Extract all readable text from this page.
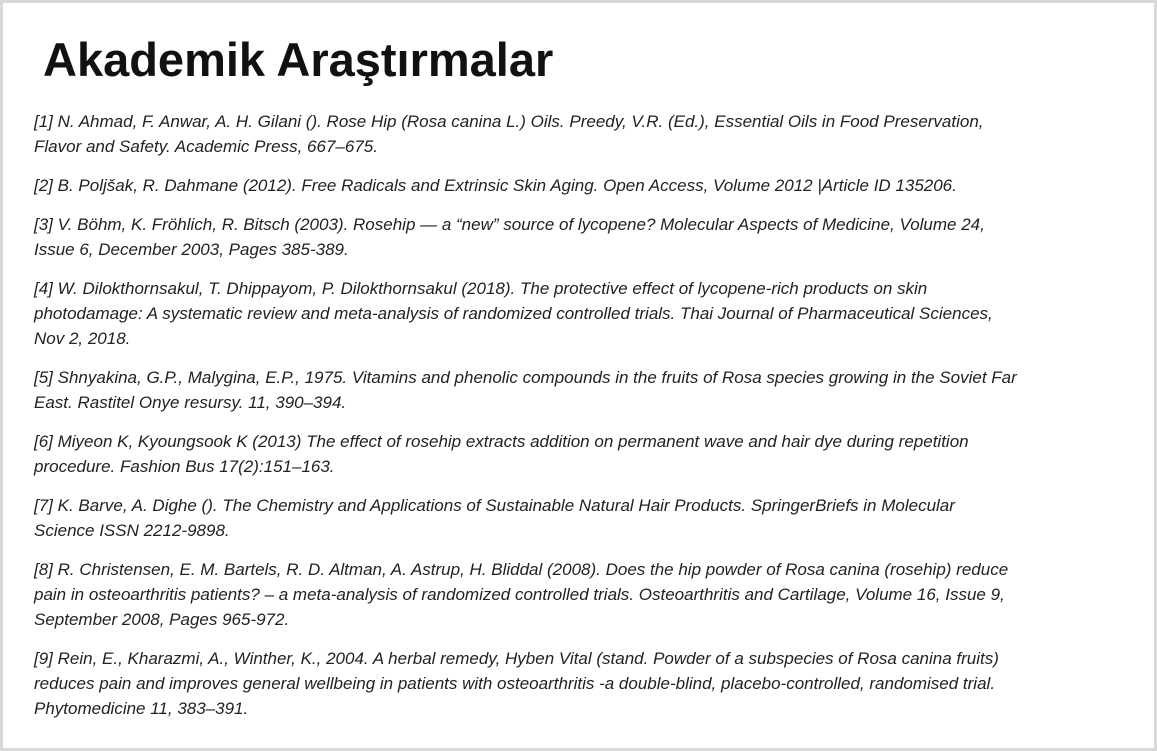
Akademik Araştırmalar
[1] N. Ahmad, F. Anwar, A. H. Gilani (). Rose Hip (Rosa canina L.) Oils. Preedy, V.R. (Ed.), Essential Oils in Food Preservation,
Flavor and Safety. Academic Press, 667–675.
[2] B. Poljšak, R. Dahmane (2012). Free Radicals and Extrinsic Skin Aging. Open Access, Volume 2012 |Article ID 135206.
[3] V. Böhm, K. Fröhlich, R. Bitsch (2003). Rosehip — a “new” source of lycopene? Molecular Aspects of Medicine, Volume 24,
Issue 6, December 2003, Pages 385-389.
[4] W. Dilokthornsakul, T. Dhippayom, P. Dilokthornsakul (2018). The protective effect of lycopene-rich products on skin
photodamage: A systematic review and meta-analysis of randomized controlled trials. Thai Journal of Pharmaceutical Sciences,
Nov 2, 2018.
[5] Shnyakina, G.P., Malygina, E.P., 1975. Vitamins and phenolic compounds in the fruits of Rosa species growing in the Soviet Far
East. Rastitel Onye resursy. 11, 390–394.
[6] Miyeon K, Kyoungsook K (2013) The effect of rosehip extracts addition on permanent wave and hair dye during repetition
procedure. Fashion Bus 17(2):151–163.
[7] K. Barve, A. Dighe (). The Chemistry and Applications of Sustainable Natural Hair Products. SpringerBriefs in Molecular
Science ISSN 2212-9898.
[8] R. Christensen, E. M. Bartels, R. D. Altman, A. Astrup, H. Bliddal (2008). Does the hip powder of Rosa canina (rosehip) reduce
pain in osteoarthritis patients? – a meta-analysis of randomized controlled trials. Osteoarthritis and Cartilage, Volume 16, Issue 9,
September 2008, Pages 965-972.
[9] Rein, E., Kharazmi, A., Winther, K., 2004. A herbal remedy, Hyben Vital (stand. Powder of a subspecies of Rosa canina fruits)
reduces pain and improves general wellbeing in patients with osteoarthritis -a double-blind, placebo-controlled, randomised trial.
Phytomedicine 11, 383–391.
